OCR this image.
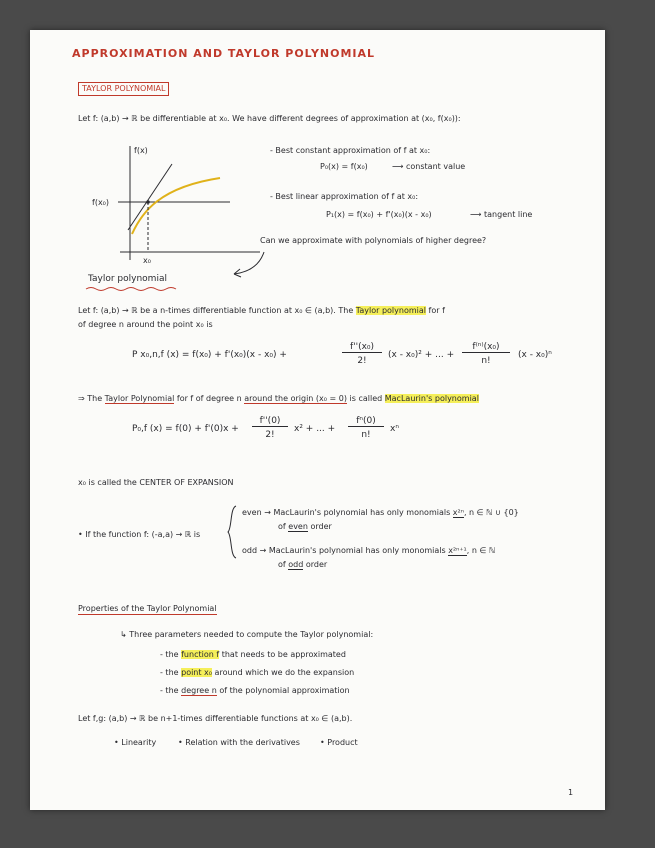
APPROXIMATION AND TAYLOR POLYNOMIAL
TAYLOR POLYNOMIAL
Let f: (a,b) → ℝ be differentiable at x₀. We have different degrees of approximation at (x₀, f(x₀)):
f(x)
f(x₀)
x₀
- Best constant approximation of f at x₀:
P₀(x) = f(x₀)	⟶ constant value
- Best linear approximation of f at x₀:
P₁(x) = f(x₀) + f'(x₀)(x - x₀)	⟶ tangent line
Can we approximate with polynomials of higher degree?
Taylor polynomial
Let f: (a,b) → ℝ be a n-times differentiable function at x₀ ∈ (a,b). The Taylor polynomial for f
of degree n around the point x₀ is
P x₀,n,f (x) = f(x₀) + f'(x₀)(x - x₀) +
f''(x₀)
2!
(x - x₀)² + ... +
f⁽ⁿ⁾(x₀)
n!
(x - x₀)ⁿ
⇒ The Taylor Polynomial for f of degree n around the origin (x₀ = 0) is called MacLaurin's polynomial
P₀,f (x) = f(0) + f'(0)x +
f''(0)
2!
x² + ... +
fⁿ(0)
n!
xⁿ
x₀ is called the CENTER OF EXPANSION
• If the function f: (-a,a) → ℝ is
even → MacLaurin's polynomial has only monomials x²ⁿ, n ∈ ℕ ∪ {0}
of even order
odd → MacLaurin's polynomial has only monomials x²ⁿ⁺¹, n ∈ ℕ
of odd order
Properties of the Taylor Polynomial
↳ Three parameters needed to compute the Taylor polynomial:
- the function f that needs to be approximated
- the point x₀ around which we do the expansion
- the degree n of the polynomial approximation
Let f,g: (a,b) → ℝ be n+1-times differentiable functions at x₀ ∈ (a,b).
• Linearity	• Relation with the derivatives	• Product
1
